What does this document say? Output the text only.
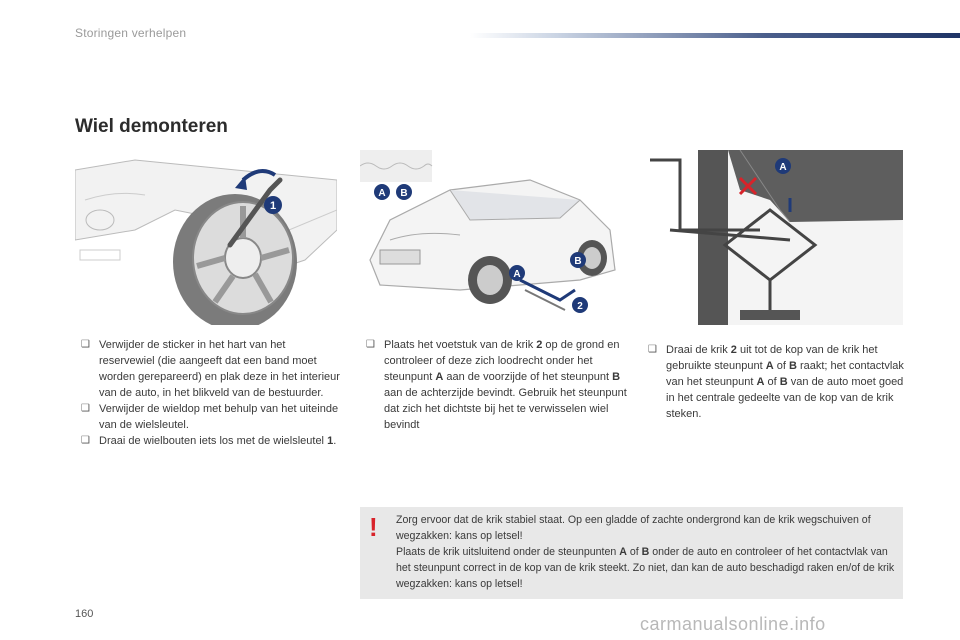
Storingen verhelpen
Wiel demonteren
1
A B
A
B
2
A

❑ Verwijder de sticker in het hart van het reservewiel (die aangeeft dat een band moet worden gerepareerd) en plak deze in het interieur van de auto, in het blikveld van de bestuurder.

❑ Verwijder de wieldop met behulp van het uiteinde van de wielsleutel.

❑ Draai de wielbouten iets los met de wielsleutel 1.

❑ Plaats het voetstuk van de krik 2 op de grond en controleer of deze zich loodrecht onder het steunpunt A aan de voorzijde of het steunpunt B aan de achterzijde bevindt. Gebruik het steunpunt dat zich het dichtste bij het te verwisselen wiel bevindt

❑ Draai de krik 2 uit tot de kop van de krik het gebruikte steunpunt A of B raakt; het contactvlak van het steunpunt A of B van de auto moet goed in het centrale gedeelte van de kop van de krik steken.

! Zorg ervoor dat de krik stabiel staat. Op een gladde of zachte ondergrond kan de krik wegschuiven of wegzakken: kans op letsel!
Plaats de krik uitsluitend onder de steunpunten A of B onder de auto en controleer of het contactvlak van het steunpunt correct in de kop van de krik steekt. Zo niet, dan kan de auto beschadigd raken en/of de krik wegzakken: kans op letsel!
160	carmanualsonline.info
